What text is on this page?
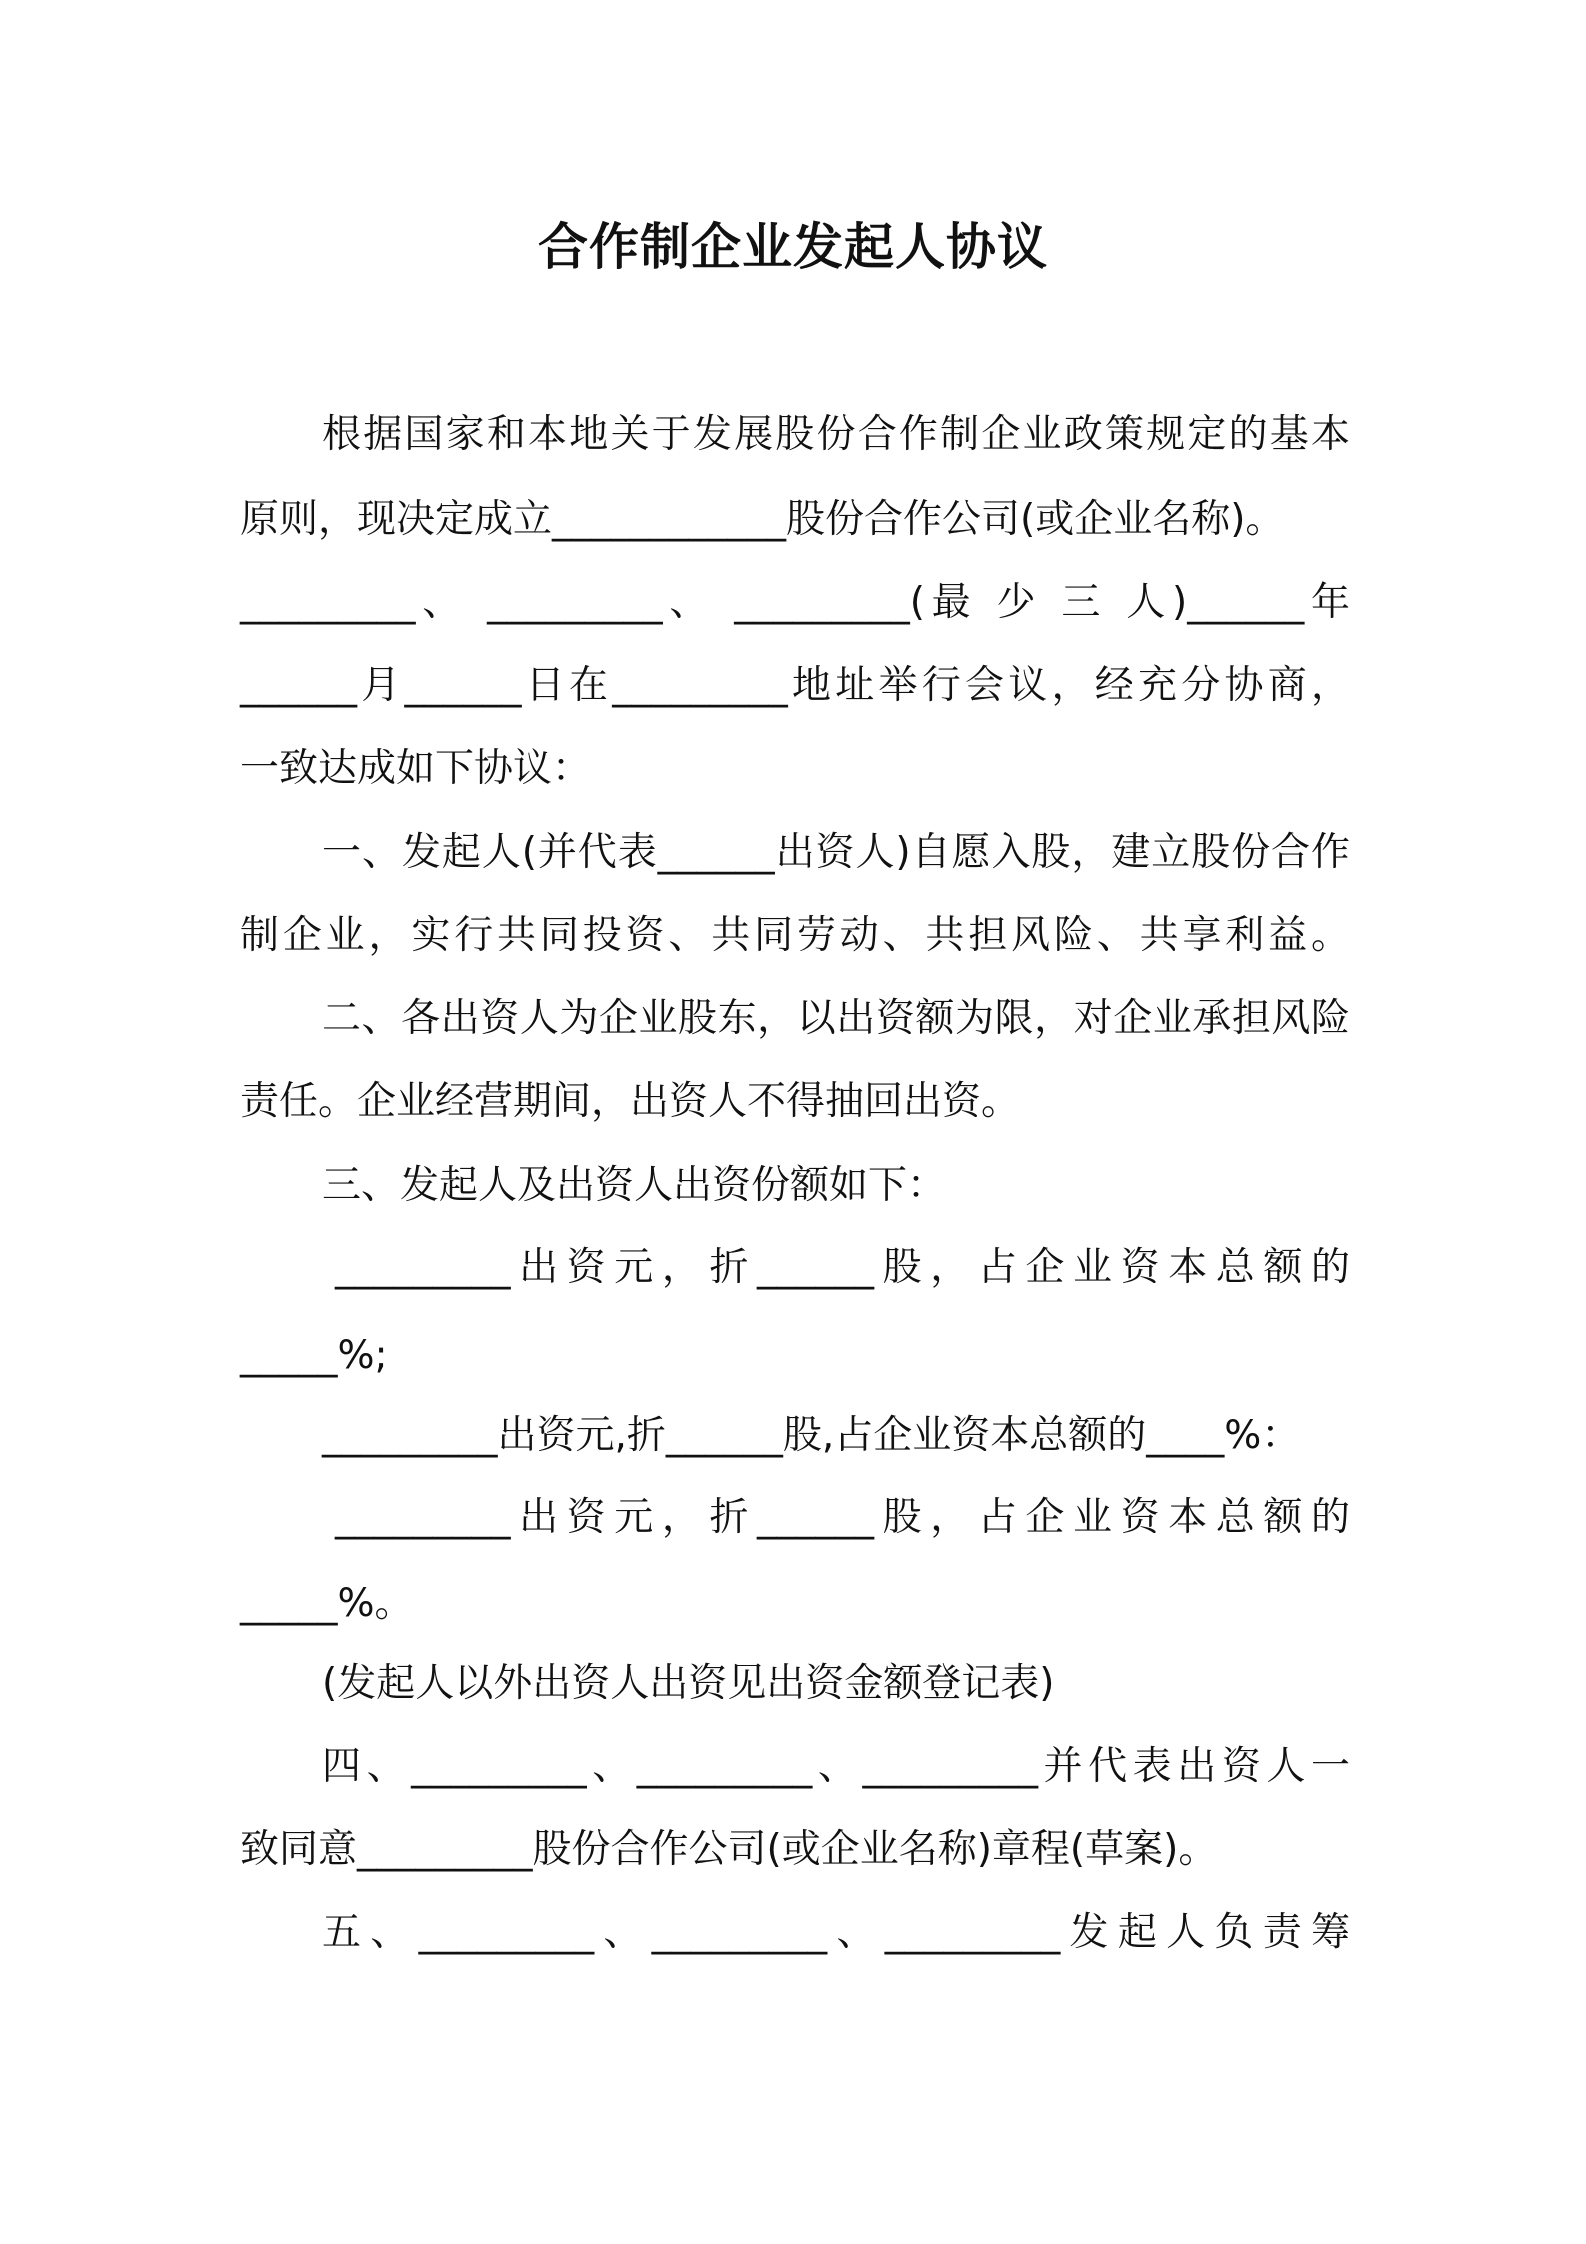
合作制企业发起人协议
根据国家和本地关于发展股份合作制企业政策规定的基本
原则，现决定成立____________股份合作公司(或企业名称)。
_________、 _________、 _________(最 少 三 人)______年
______月______日在_________地址举行会议，经充分协商，
一致达成如下协议：
一、发起人(并代表______出资人)自愿入股，建立股份合作
制企业，实行共同投资、共同劳动、共担风险、共享利益。
二、各出资人为企业股东，以出资额为限，对企业承担风险
责任。企业经营期间，出资人不得抽回出资。
三、发起人及出资人出资份额如下：
_________出资元，折______股，占企业资本总额的
_____%;
_________出资元,折______股,占企业资本总额的____%：
_________出资元，折______股，占企业资本总额的
_____%。
(发起人以外出资人出资见出资金额登记表)
四、_________、_________、_________并代表出资人一
致同意_________股份合作公司(或企业名称)章程(草案)。
五、_________、_________、_________发起人负责筹
